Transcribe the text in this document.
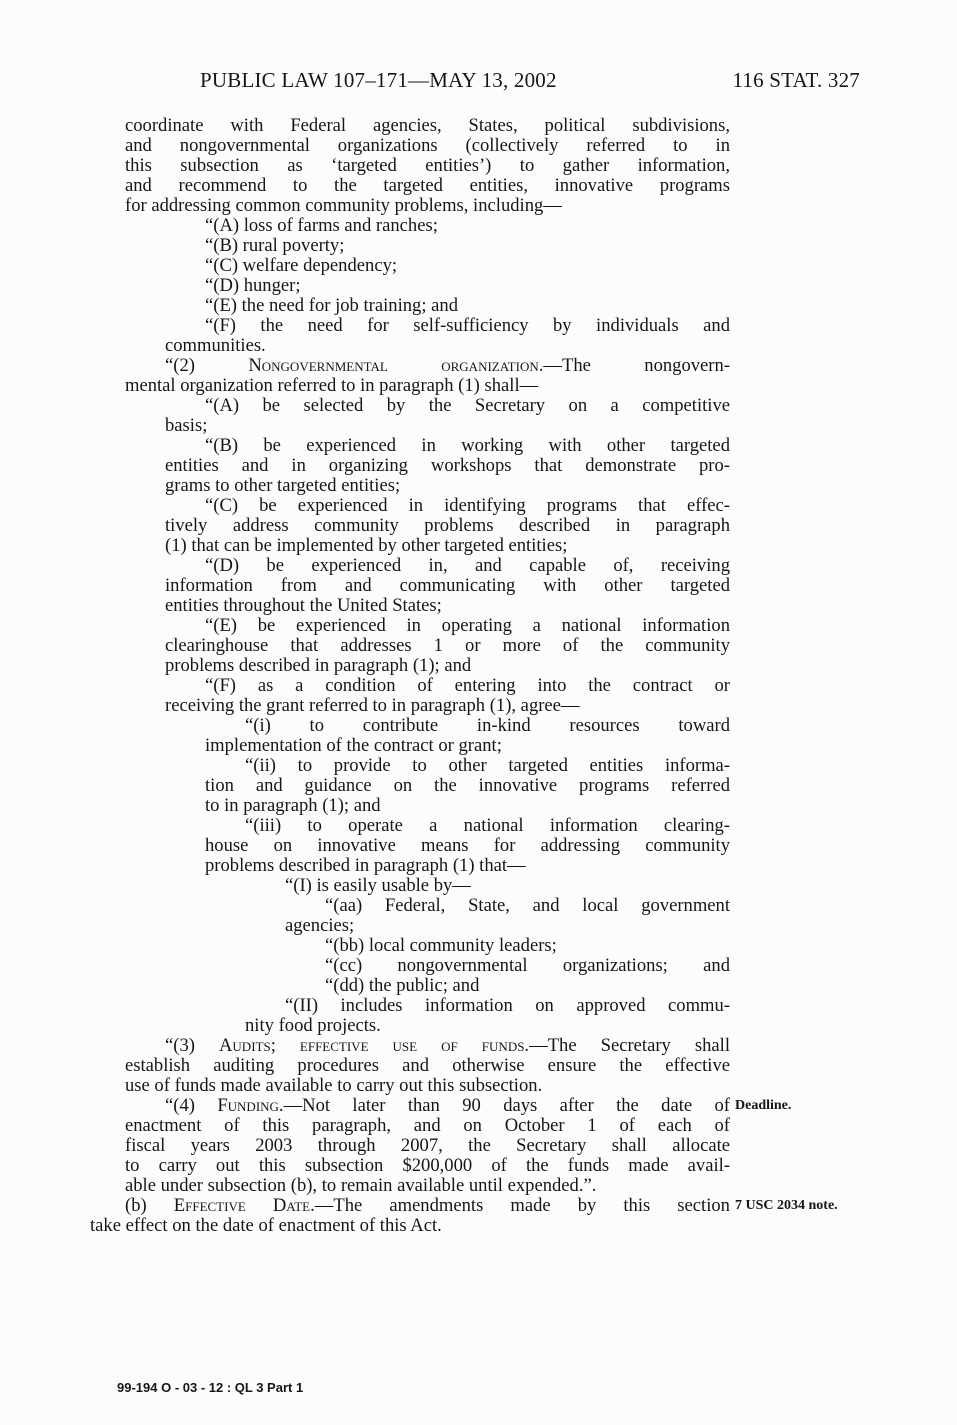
PUBLIC LAW 107–171—MAY 13, 2002	116 STAT. 327
coordinate with Federal agencies, States, political subdivisions,
and nongovernmental organizations (collectively referred to in
this subsection as ‘targeted entities’) to gather information,
and recommend to the targeted entities, innovative programs
for addressing common community problems, including—
“(A) loss of farms and ranches;
“(B) rural poverty;
“(C) welfare dependency;
“(D) hunger;
“(E) the need for job training; and
“(F) the need for self-sufficiency by individuals and
communities.
“(2) Nongovernmental organization.—The nongovern-
mental organization referred to in paragraph (1) shall—
“(A) be selected by the Secretary on a competitive
basis;
“(B) be experienced in working with other targeted
entities and in organizing workshops that demonstrate pro-
grams to other targeted entities;
“(C) be experienced in identifying programs that effec-
tively address community problems described in paragraph
(1) that can be implemented by other targeted entities;
“(D) be experienced in, and capable of, receiving
information from and communicating with other targeted
entities throughout the United States;
“(E) be experienced in operating a national information
clearinghouse that addresses 1 or more of the community
problems described in paragraph (1); and
“(F) as a condition of entering into the contract or
receiving the grant referred to in paragraph (1), agree—
“(i) to contribute in-kind resources toward
implementation of the contract or grant;
“(ii) to provide to other targeted entities informa-
tion and guidance on the innovative programs referred
to in paragraph (1); and
“(iii) to operate a national information clearing-
house on innovative means for addressing community
problems described in paragraph (1) that—
“(I) is easily usable by—
“(aa) Federal, State, and local government
agencies;
“(bb) local community leaders;
“(cc) nongovernmental organizations; and
“(dd) the public; and
“(II) includes information on approved commu-
nity food projects.
“(3) Audits; effective use of funds.—The Secretary shall
establish auditing procedures and otherwise ensure the effective
use of funds made available to carry out this subsection.
“(4) Funding.—Not later than 90 days after the date of
enactment of this paragraph, and on October 1 of each of
fiscal years 2003 through 2007, the Secretary shall allocate
to carry out this subsection $200,000 of the funds made avail-
able under subsection (b), to remain available until expended.”.
(b) Effective Date.—The amendments made by this section
take effect on the date of enactment of this Act.
Deadline.
7 USC 2034 note.
99-194 O - 03 - 12 : QL 3 Part 1
